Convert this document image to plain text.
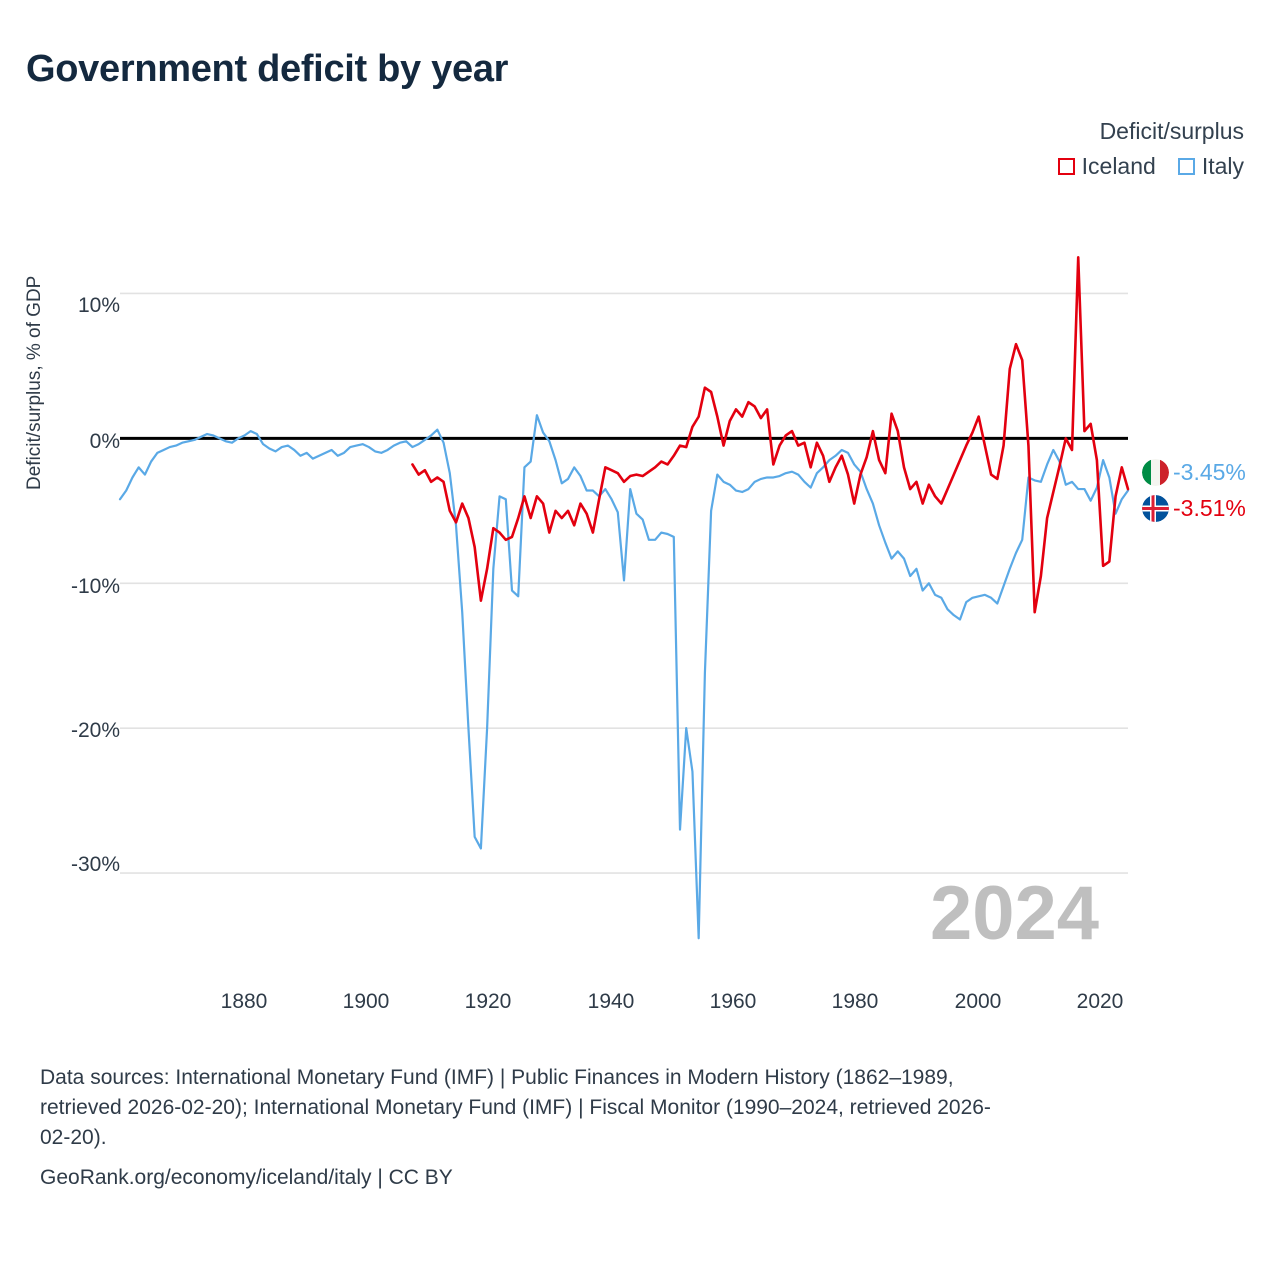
Government deficit by year
Deficit/surplus
Iceland Italy
Deficit/surplus, % of GDP	10%
0%
-10%
-20%
-30%
1880	1900	1920	1940	1960	1980	2000	2020
2024
-3.45%
-3.51%
Data sources: International Monetary Fund (IMF) | Public Finances in Modern History (1862–1989,
retrieved 2026-02-20); International Monetary Fund (IMF) | Fiscal Monitor (1990–2024, retrieved 2026-
02-20).
GeoRank.org/economy/iceland/italy | CC BY
